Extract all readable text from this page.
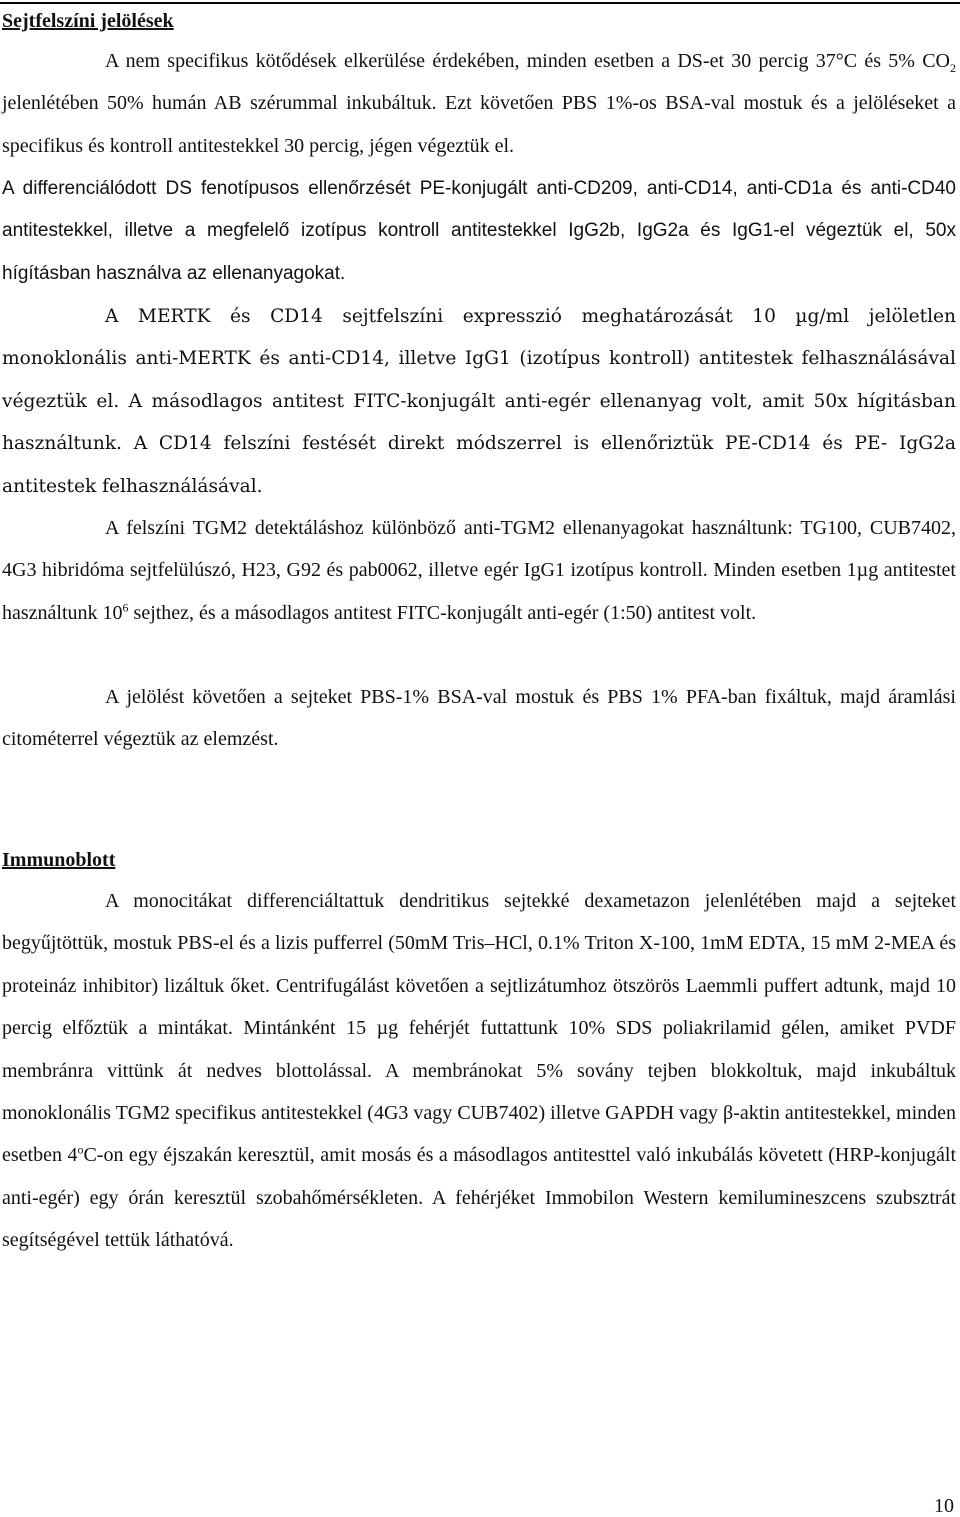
Sejtfelszíni jelölések

A nem specifikus kötődések elkerülése érdekében, minden esetben a DS-et 30 percig 37°C és 5% $CO_2$ jelenlétében 50% humán AB szérummal inkubáltuk. Ezt követően PBS 1%-os BSA-val mostuk és a jelöléseket a specifikus és kontroll antitestekkel 30 percig, jégen végeztük el.

A differenciálódott DS fenotípusos ellenőrzését PE-konjugált anti-CD209, anti-CD14, anti-CD1a és anti-CD40 antitestekkel, illetve a megfelelő izotípus kontroll antitestekkel IgG2b, IgG2a és IgG1-el végeztük el, 50x hígításban használva az ellenanyagokat.

A MERTK és CD14 sejtfelszíni expresszió meghatározását 10 µg/ml jelöletlen monoklonális anti-MERTK és anti-CD14, illetve IgG1 (izotípus kontroll) antitestek felhasználásával végeztük el. A másodlagos antitest FITC-konjugált anti-egér ellenanyag volt, amit 50x hígitásban használtunk. A CD14 felszíni festését direkt módszerrel is ellenőriztük PE-CD14 és PE- IgG2a antitestek felhasználásával.

A felszíni TGM2 detektáláshoz különböző anti-TGM2 ellenanyagokat használtunk: TG100, CUB7402, 4G3 hibridóma sejtfelülúszó, H23, G92 és pab0062, illetve egér IgG1 izotípus kontroll. Minden esetben 1µg antitestet használtunk $10^6$ sejthez, és a másodlagos antitest FITC-konjugált anti-egér (1:50) antitest volt.

A jelölést követően a sejteket PBS-1% BSA-val mostuk és PBS 1% PFA-ban fixáltuk, majd áramlási citométerrel végeztük az elemzést.

Immunoblott

A monocitákat differenciáltattuk dendritikus sejtekké dexametazon jelenlétében majd a sejteket begyűjtöttük, mostuk PBS-el és a lizis pufferrel (50mM Tris–HCl, 0.1% Triton X-100, 1mM EDTA, 15 mM 2-MEA és proteináz inhibitor) lizáltuk őket. Centrifugálást követően a sejtlizátumhoz ötszörös Laemmli puffert adtunk, majd 10 percig elfőztük a mintákat. Mintánként 15 µg fehérjét futtattunk 10% SDS poliakrilamid gélen, amiket PVDF membránra vittünk át nedves blottolással. A membránokat 5% sovány tejben blokkoltuk, majd inkubáltuk monoklonális TGM2 specifikus antitestekkel (4G3 vagy CUB7402) illetve GAPDH vagy β-aktin antitestekkel, minden esetben 4$^o$C-on egy éjszakán keresztül, amit mosás és a másodlagos antitesttel való inkubálás követett (HRP-konjugált anti-egér) egy órán keresztül szobahőmérsékleten. A fehérjéket Immobilon Western kemilumineszcens szubsztrát segítségével tettük láthatóvá.

10
